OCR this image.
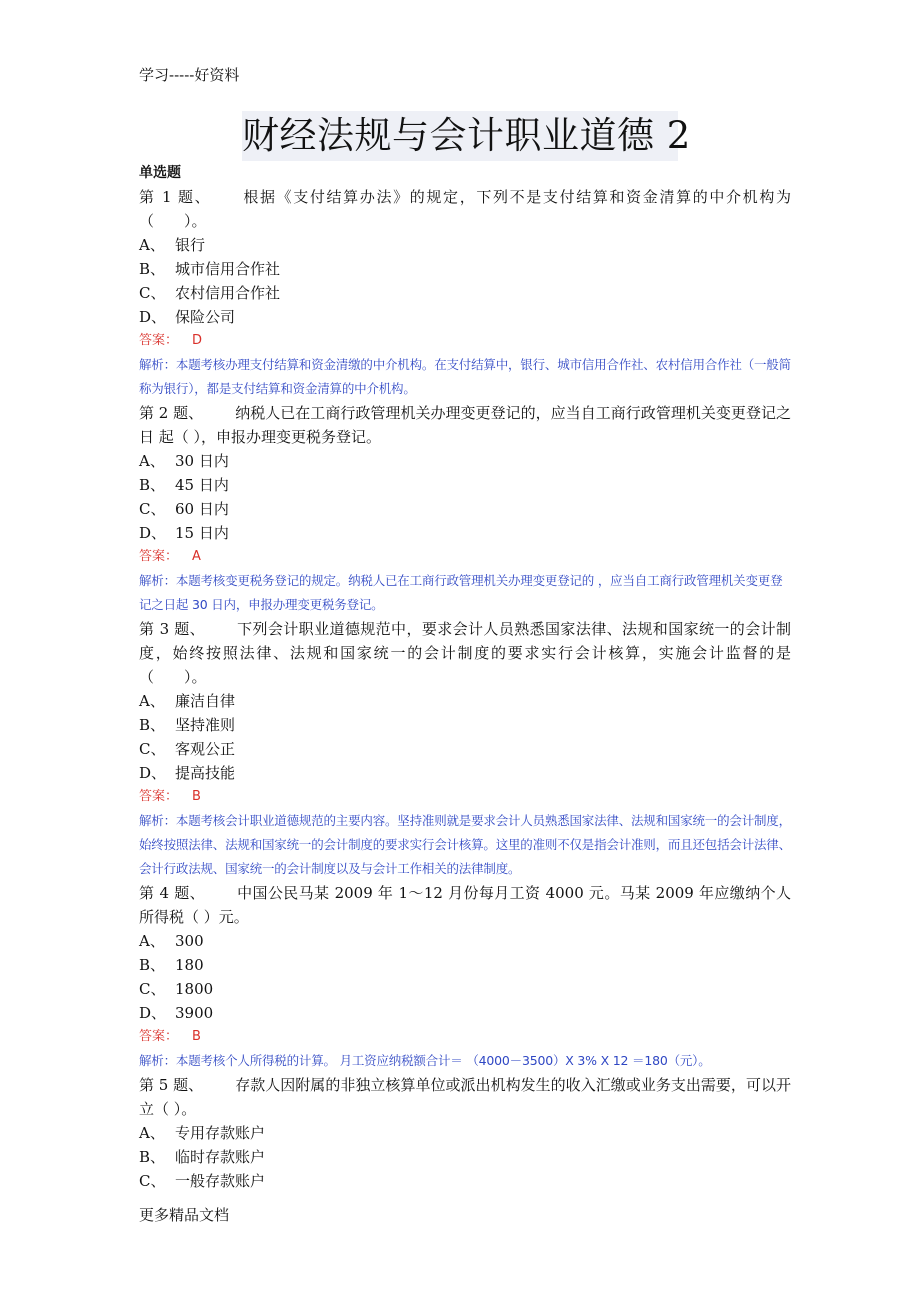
学习-----好资料
财经法规与会计职业道德 2
单选题
第 1 题、 根据《支付结算办法》的规定，下列不是支付结算和资金清算的中介机构为（　　）。
A、 银行
B、 城市信用合作社
C、 农村信用合作社
D、 保险公司
答案： D
解析：本题考核办理支付结算和资金清缴的中介机构。在支付结算中，银行、城市信用合作社、农村信用合作社（一般简称为银行），都是支付结算和资金清算的中介机构。
第 2 题、 纳税人已在工商行政管理机关办理变更登记的，应当自工商行政管理机关变更登记之日 起（ ），申报办理变更税务登记。
A、 30 日内
B、 45 日内
C、 60 日内
D、 15 日内
答案： A
解析：本题考核变更税务登记的规定。纳税人已在工商行政管理机关办理变更登记的 ，应当自工商行政管理机关变更登记之日起 30 日内，申报办理变更税务登记。
第 3 题、 下列会计职业道德规范中，要求会计人员熟悉国家法律、法规和国家统一的会计制度，始终按照法律、法规和国家统一的会计制度的要求实行会计核算，实施会计监督的是（　　）。
A、 廉洁自律
B、 坚持准则
C、 客观公正
D、 提高技能
答案： B
解析：本题考核会计职业道德规范的主要内容。坚持准则就是要求会计人员熟悉国家法律、法规和国家统一的会计制度，始终按照法律、法规和国家统一的会计制度的要求实行会计核算。这里的准则不仅是指会计准则，而且还包括会计法律、会计行政法规、国家统一的会计制度以及与会计工作相关的法律制度。
第 4 题、 中国公民马某 2009 年 1～12 月份每月工资 4000 元。马某 2009 年应缴纳个人所得税（ ）元。
A、 300
B、 180
C、 1800
D、 3900
答案： B
解析：本题考核个人所得税的计算。 月工资应纳税额合计＝ （4000－3500）X 3% X 12 ＝180（元）。
第 5 题、 存款人因附属的非独立核算单位或派出机构发生的收入汇缴或业务支出需要，可以开立（ ）。
A、 专用存款账户
B、 临时存款账户
C、 一般存款账户
更多精品文档
